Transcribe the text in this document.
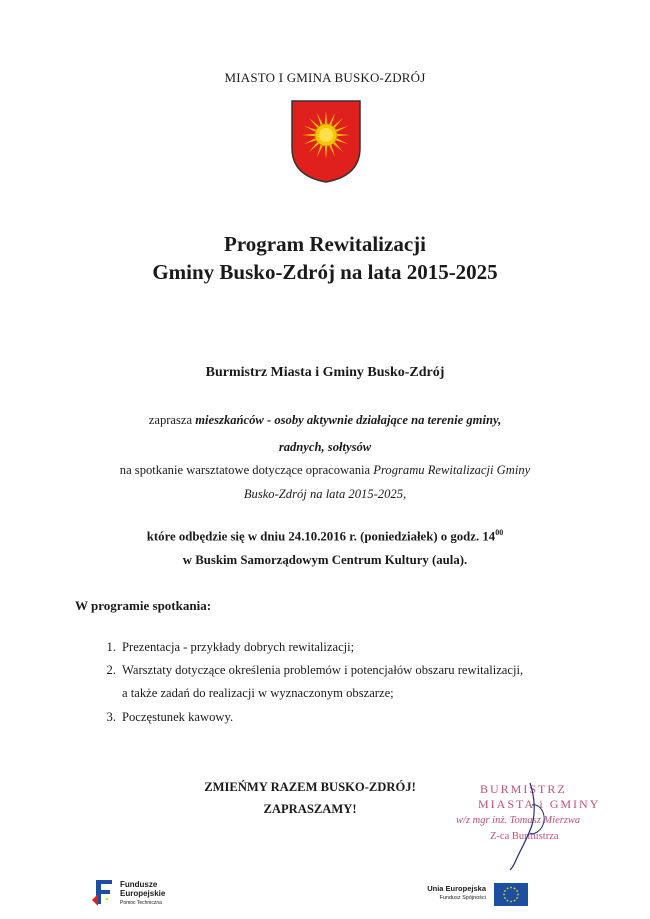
MIASTO I GMINA BUSKO-ZDRÓJ
Program Rewitalizacji
Gminy Busko-Zdrój na lata 2015-2025
Burmistrz Miasta i Gminy Busko-Zdrój
zaprasza mieszkańców - osoby aktywnie działające na terenie gminy,
radnych, sołtysów
na spotkanie warsztatowe dotyczące opracowania Programu Rewitalizacji Gminy
Busko-Zdrój na lata 2015-2025,
które odbędzie się w dniu 24.10.2016 r. (poniedziałek) o godz. $14^{00}$
w Buskim Samorządowym Centrum Kultury (aula).
W programie spotkania:
1. Prezentacja - przykłady dobrych rewitalizacji;
2. Warsztaty dotyczące określenia problemów i potencjałów obszaru rewitalizacji,
a także zadań do realizacji w wyznaczonym obszarze;
3. Poczęstunek kawowy.
ZMIEŃMY RAZEM BUSKO-ZDRÓJ!
ZAPRASZAMY!
BURMISTRZ
MIASTA i GMINY
w/z mgr inż. Tomasz Mierzwa
Z-ca Burmistrza
Fundusze
Europejskie
Pomoc Techniczna
Unia Europejska
Fundusz Spójności
